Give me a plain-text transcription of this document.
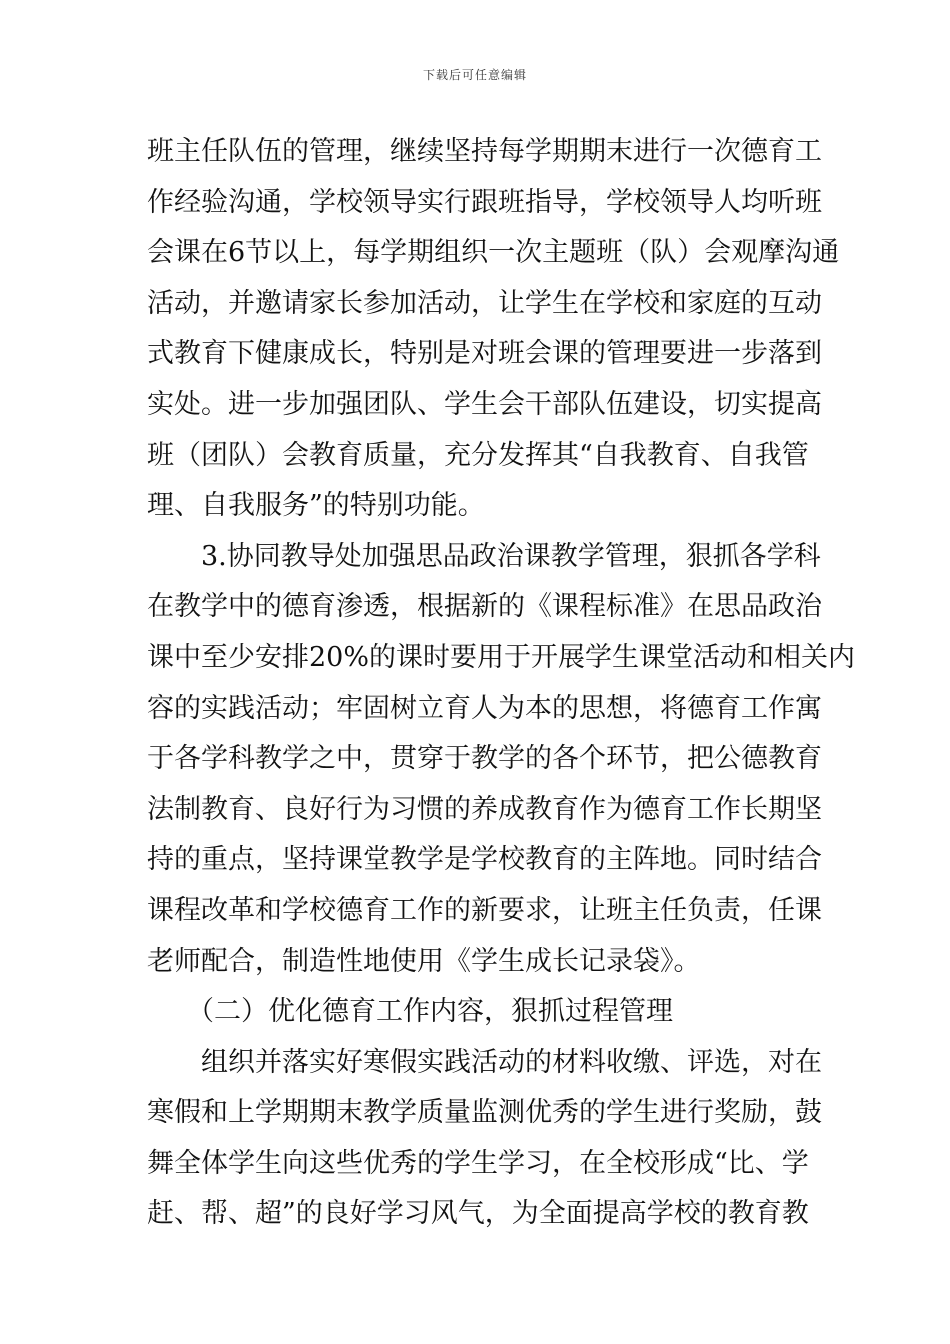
下载后可任意编辑
班主任队伍的管理，继续坚持每学期期末进行一次德育工
作经验沟通，学校领导实行跟班指导，学校领导人均听班
会课在6节以上，每学期组织一次主题班（队）会观摩沟通
活动，并邀请家长参加活动，让学生在学校和家庭的互动
式教育下健康成长，特别是对班会课的管理要进一步落到
实处。进一步加强团队、学生会干部队伍建设，切实提高
班（团队）会教育质量，充分发挥其“自我教育、自我管
理、自我服务”的特别功能。
3.协同教导处加强思品政治课教学管理，狠抓各学科
在教学中的德育渗透，根据新的《课程标准》在思品政治
课中至少安排20%的课时要用于开展学生课堂活动和相关内
容的实践活动；牢固树立育人为本的思想，将德育工作寓
于各学科教学之中，贯穿于教学的各个环节，把公德教育
法制教育、良好行为习惯的养成教育作为德育工作长期坚
持的重点，坚持课堂教学是学校教育的主阵地。同时结合
课程改革和学校德育工作的新要求，让班主任负责，任课
老师配合，制造性地使用《学生成长记录袋》。
（二）优化德育工作内容，狠抓过程管理
组织并落实好寒假实践活动的材料收缴、评选，对在
寒假和上学期期末教学质量监测优秀的学生进行奖励，鼓
舞全体学生向这些优秀的学生学习，在全校形成“比、学
赶、帮、超”的良好学习风气，为全面提高学校的教育教
